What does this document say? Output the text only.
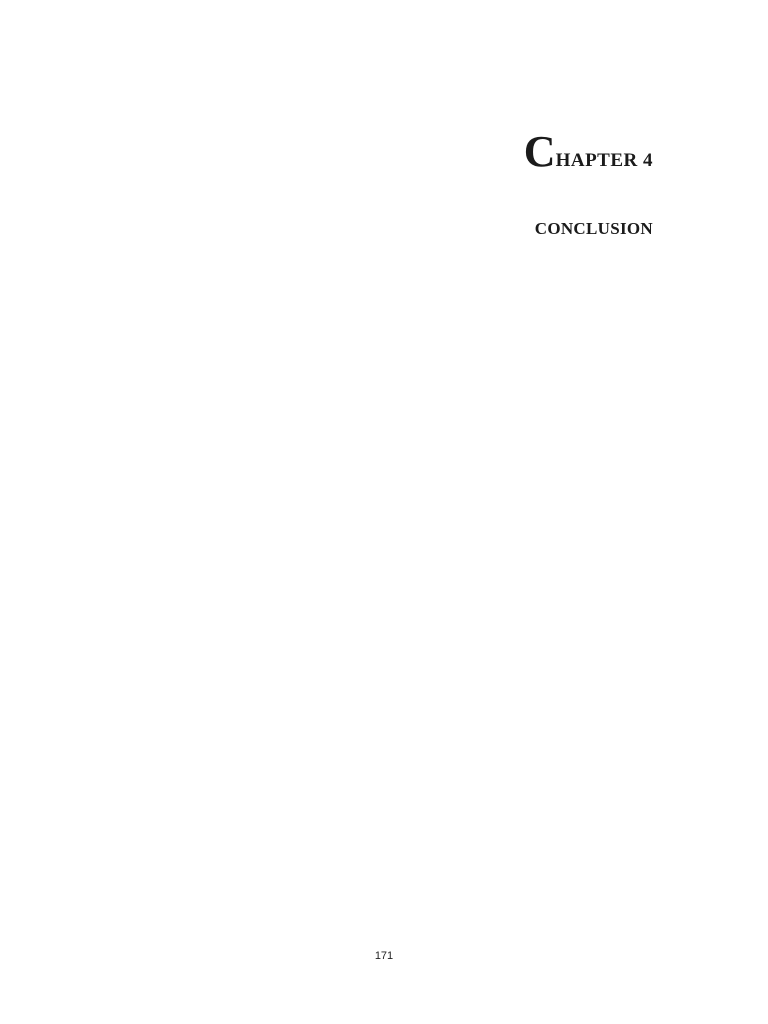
CHAPTER 4
CONCLUSION
171
